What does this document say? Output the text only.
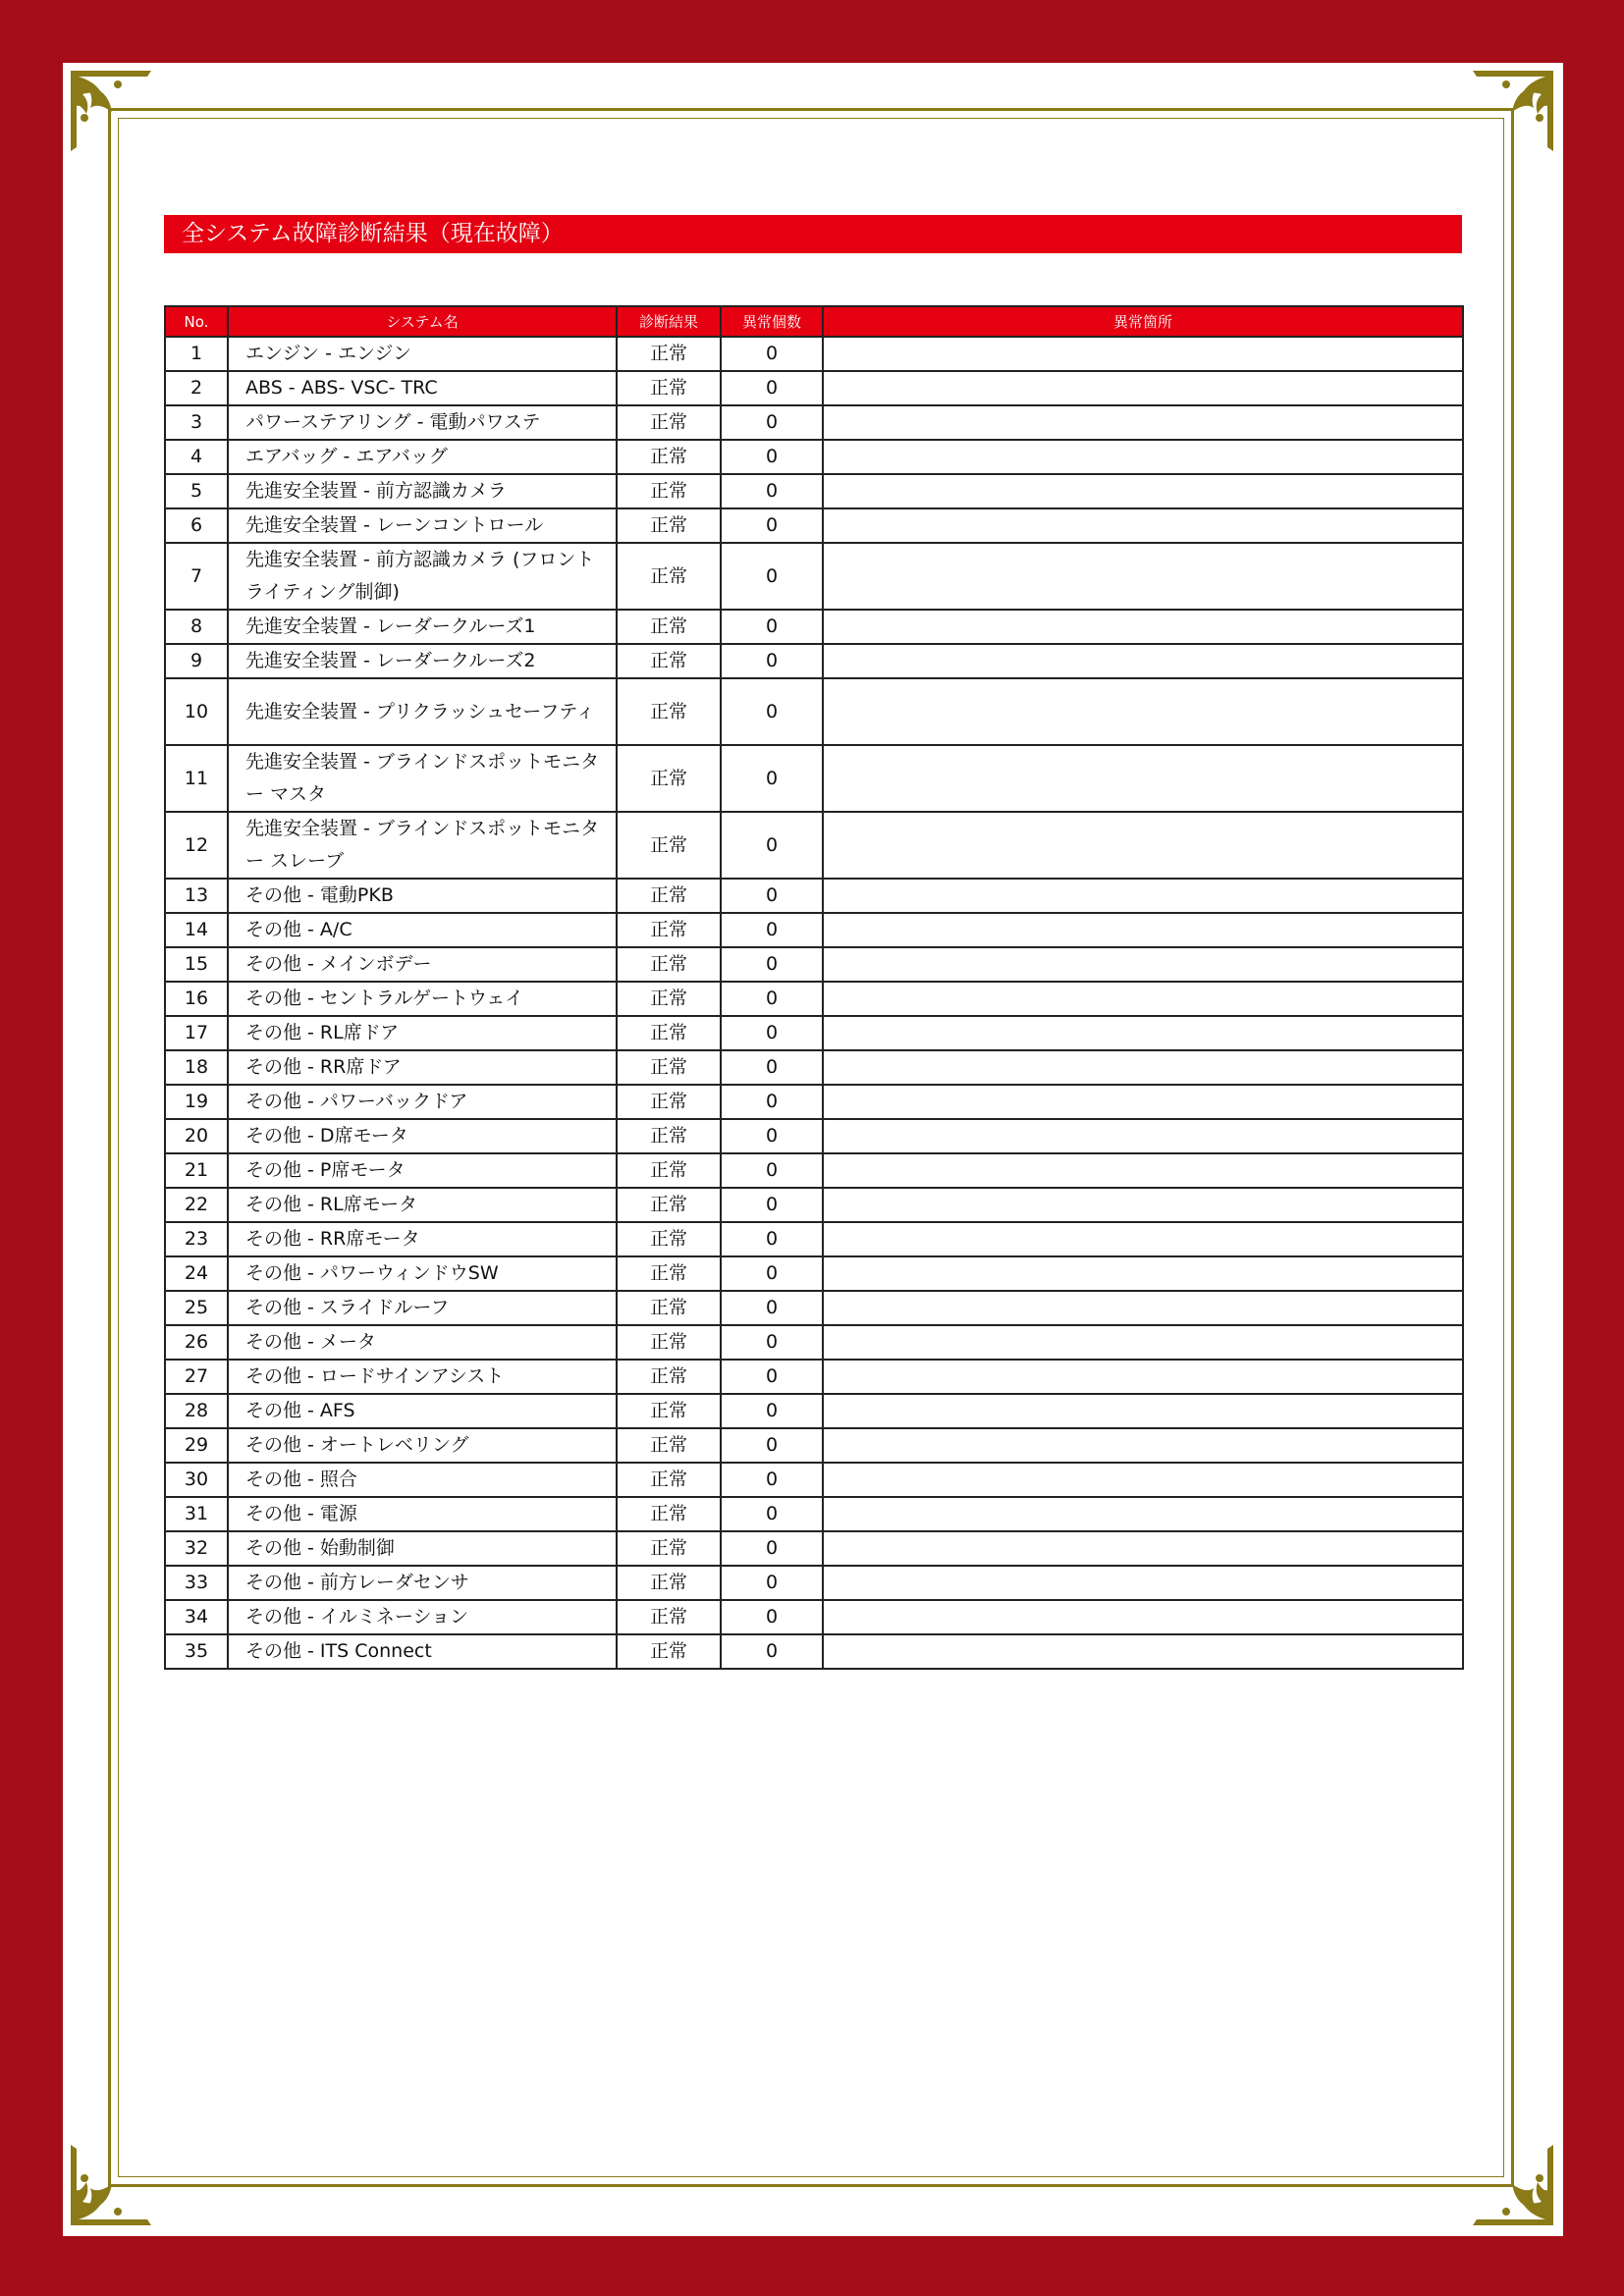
全システム故障診断結果（現在故障）
No.	システム名	診断結果	異常個数	異常箇所
1	エンジン - エンジン	正常	0	
2	ABS - ABS- VSC- TRC	正常	0	
3	パワーステアリング - 電動パワステ	正常	0	
4	エアバッグ - エアバッグ	正常	0	
5	先進安全装置 - 前方認識カメラ	正常	0	
6	先進安全装置 - レーンコントロール	正常	0	
7	先進安全装置 - 前方認識カメラ (フロントライティング制御)	正常	0	
8	先進安全装置 - レーダークルーズ1	正常	0	
9	先進安全装置 - レーダークルーズ2	正常	0	
10	先進安全装置 - プリクラッシュセーフティ	正常	0	
11	先進安全装置 - ブラインドスポットモニター マスタ	正常	0	
12	先進安全装置 - ブラインドスポットモニター スレーブ	正常	0	
13	その他 - 電動PKB	正常	0	
14	その他 - A/C	正常	0	
15	その他 - メインボデー	正常	0	
16	その他 - セントラルゲートウェイ	正常	0	
17	その他 - RL席ドア	正常	0	
18	その他 - RR席ドア	正常	0	
19	その他 - パワーバックドア	正常	0	
20	その他 - D席モータ	正常	0	
21	その他 - P席モータ	正常	0	
22	その他 - RL席モータ	正常	0	
23	その他 - RR席モータ	正常	0	
24	その他 - パワーウィンドウSW	正常	0	
25	その他 - スライドルーフ	正常	0	
26	その他 - メータ	正常	0	
27	その他 - ロードサインアシスト	正常	0	
28	その他 - AFS	正常	0	
29	その他 - オートレベリング	正常	0	
30	その他 - 照合	正常	0	
31	その他 - 電源	正常	0	
32	その他 - 始動制御	正常	0	
33	その他 - 前方レーダセンサ	正常	0	
34	その他 - イルミネーション	正常	0	
35	その他 - ITS Connect	正常	0	
